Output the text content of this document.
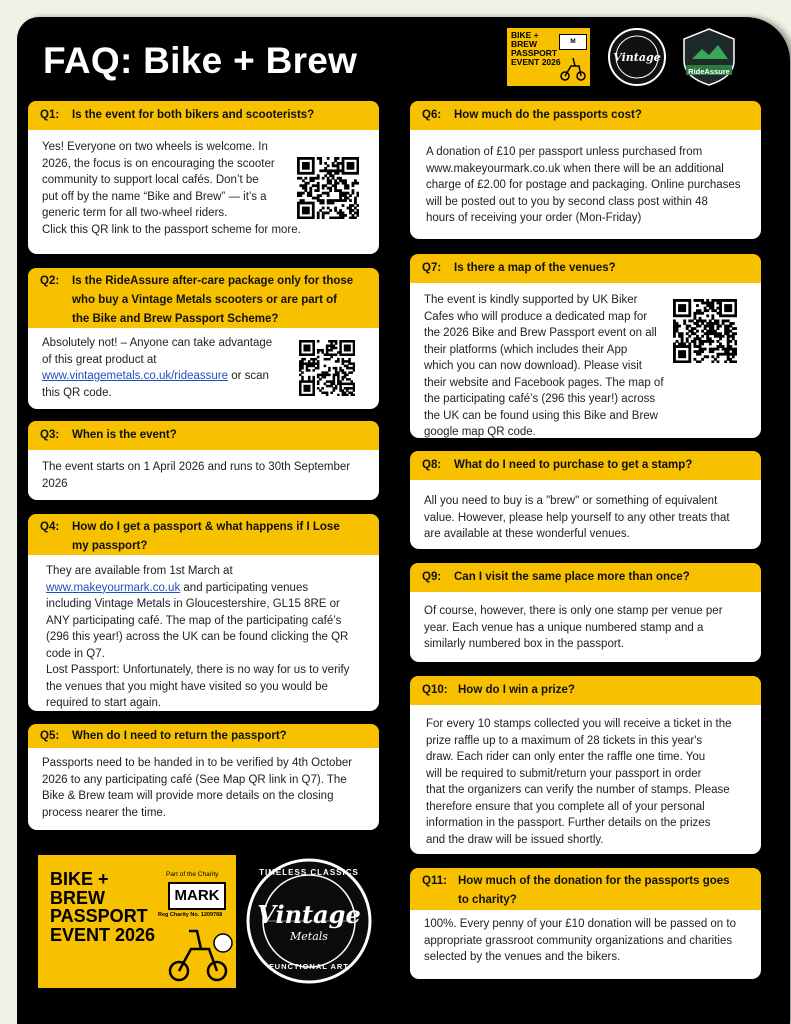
FAQ: Bike + Brew
BIKE +
BREW
PASSPORT
EVENT 2026
M
Vintage
RideAssure
Q1:	Is the event for both bikers and scooterists?

Yes! Everyone on two wheels is welcome. In

2026, the focus is on encouraging the scooter

community to support local cafés. Don’t be

put off by the name “Bike and Brew” — it’s a

generic term for all two-wheel riders.

Click this QR link to the passport scheme for more.

Q2:	Is the RideAssure after-care package only for those
who buy a Vintage Metals scooters or are part of
the Bike and Brew Passport Scheme?

Absolutely not! – Anyone can take advantage

of this great product at

www.vintagemetals.co.uk/rideassure or scan

this QR code.

Q3:	When is the event?

The event starts on 1 April 2026 and runs to 30th September

2026

Q4:	How do I get a passport & what happens if I Lose
my passport?

They are available from 1st March at

www.makeyourmark.co.uk and participating venues

including Vintage Metals in Gloucestershire, GL15 8RE or

ANY participating café. The map of the participating café’s

(296 this year!) across the UK can be found clicking the QR

code in Q7.

Lost Passport: Unfortunately, there is no way for us to verify

the venues that you might have visited so you would be

required to start again.

Q5:	When do I need to return the passport?

Passports need to be handed in to be verified by 4th October

2026 to any participating café (See Map QR link in Q7). The

Bike & Brew team will provide more details on the closing

process nearer the time.

BIKE +
BREW
PASSPORT
EVENT 2026
Part of the Charity
MARK
Reg Charity No. 1209768
TIMELESS CLASSICS
Vintage
Metals
FUNCTIONAL ART
Q6:	How much do the passports cost?

A donation of £10 per passport unless purchased from

www.makeyourmark.co.uk when there will be an additional

charge of £2.00 for postage and packaging. Online purchases

will be posted out to you by second class post within 48

hours of receiving your order (Mon-Friday)

Q7:	Is there a map of the venues?

The event is kindly supported by UK Biker

Cafes who will produce a dedicated map for

the 2026 Bike and Brew Passport event on all

their platforms (which includes their App

which you can now download). Please visit

their website and Facebook pages. The map of

the participating café’s (296 this year!) across

the UK can be found using this Bike and Brew

google map QR code.

Q8:	What do I need to purchase to get a stamp?

All you need to buy is a "brew" or something of equivalent

value. However, please help yourself to any other treats that

are available at these wonderful venues.

Q9:	Can I visit the same place more than once?

Of course, however, there is only one stamp per venue per

year. Each venue has a unique numbered stamp and a

similarly numbered box in the passport.

Q10: How do I win a prize?

For every 10 stamps collected you will receive a ticket in the

prize raffle up to a maximum of 28 tickets in this year's

draw. Each rider can only enter the raffle one time. You

will be required to submit/return your passport in order

that the organizers can verify the number of stamps. Please

therefore ensure that you complete all of your personal

information in the passport. Further details on the prizes

and the draw will be issued shortly.

Q11: How much of the donation for the passports goes
to charity?

100%. Every penny of your £10 donation will be passed on to

appropriate grassroot community organizations and charities

selected by the venues and the bikers.
